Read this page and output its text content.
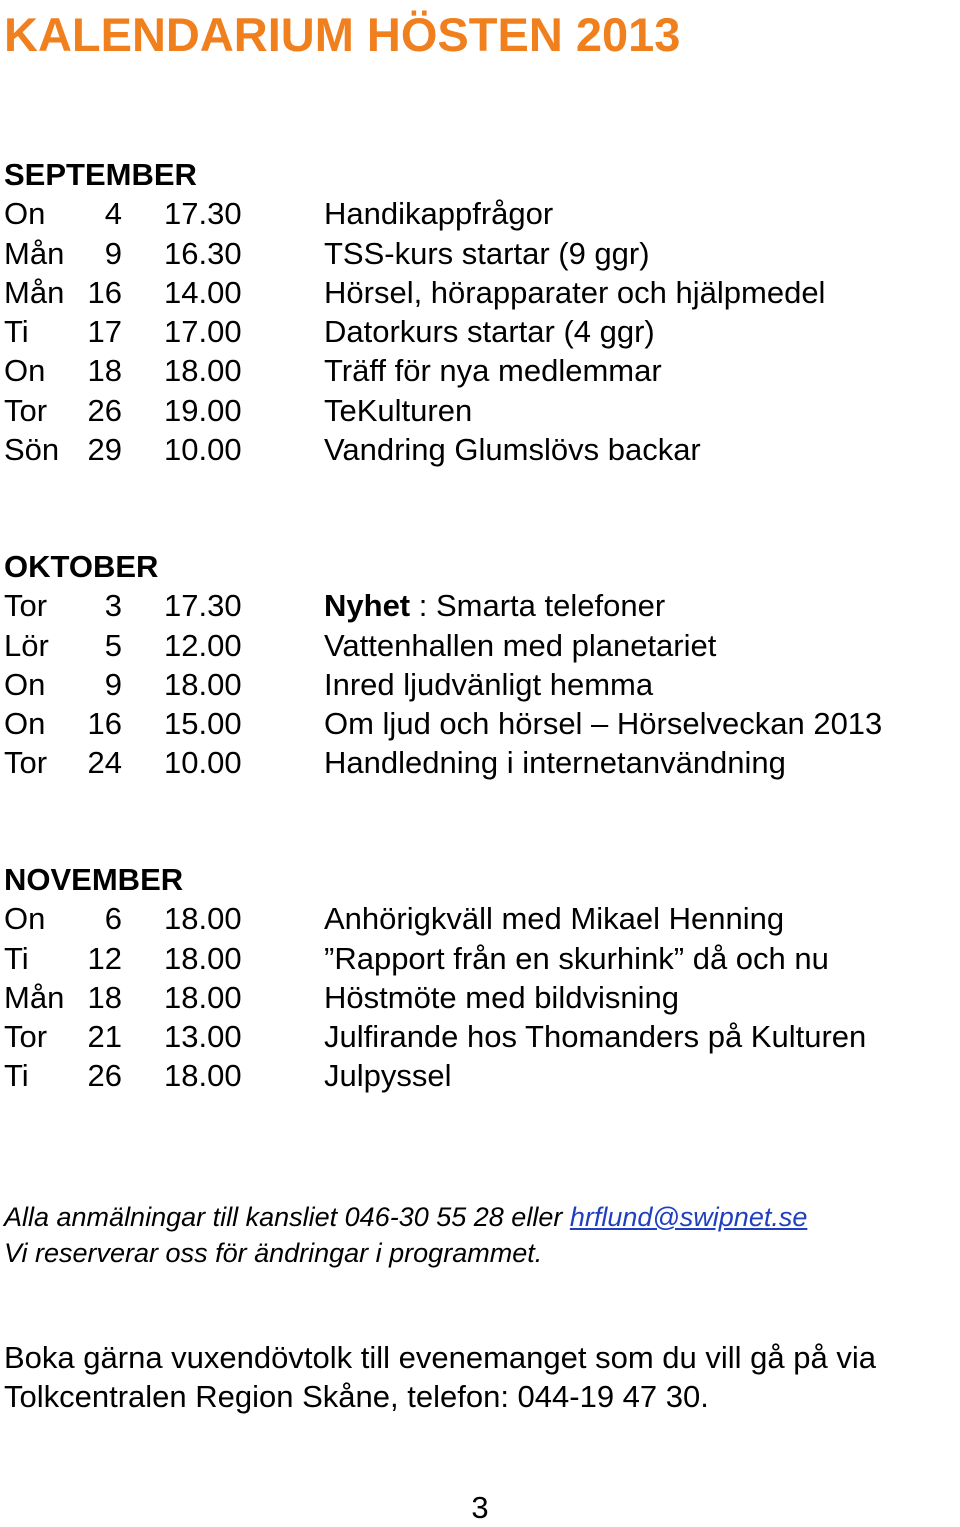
KALENDARIUM HÖSTEN 2013
SEPTEMBER
On	4 17.30	Handikappfrågor
Mån	9 16.30	TSS-kurs startar (9 ggr)
Mån 16 14.00	Hörsel, hörapparater och hjälpmedel
Ti	17 17.00	Datorkurs startar (4 ggr)
On	18 18.00	Träff för nya medlemmar
Tor	26 19.00	TeKulturen
Sön 29 10.00	Vandring Glumslövs backar
OKTOBER
Tor	3 17.30	Nyhet : Smarta telefoner
Lör	5 12.00	Vattenhallen med planetariet
On	9 18.00	Inred ljudvänligt hemma
On	16 15.00	Om ljud och hörsel – Hörselveckan 2013
Tor	24 10.00	Handledning i internetanvändning
NOVEMBER
On	6 18.00	Anhörigkväll med Mikael Henning
Ti	12 18.00	”Rapport från en skurhink” då och nu
Mån 18 18.00	Höstmöte med bildvisning
Tor	21 13.00	Julfirande hos Thomanders på Kulturen
Ti	26 18.00	Julpyssel
Alla anmälningar till kansliet 046-30 55 28 eller hrflund@swipnet.se
Vi reserverar oss för ändringar i programmet.
Boka gärna vuxendövtolk till evenemanget som du vill gå på via
Tolkcentralen Region Skåne, telefon: 044-19 47 30.
3
